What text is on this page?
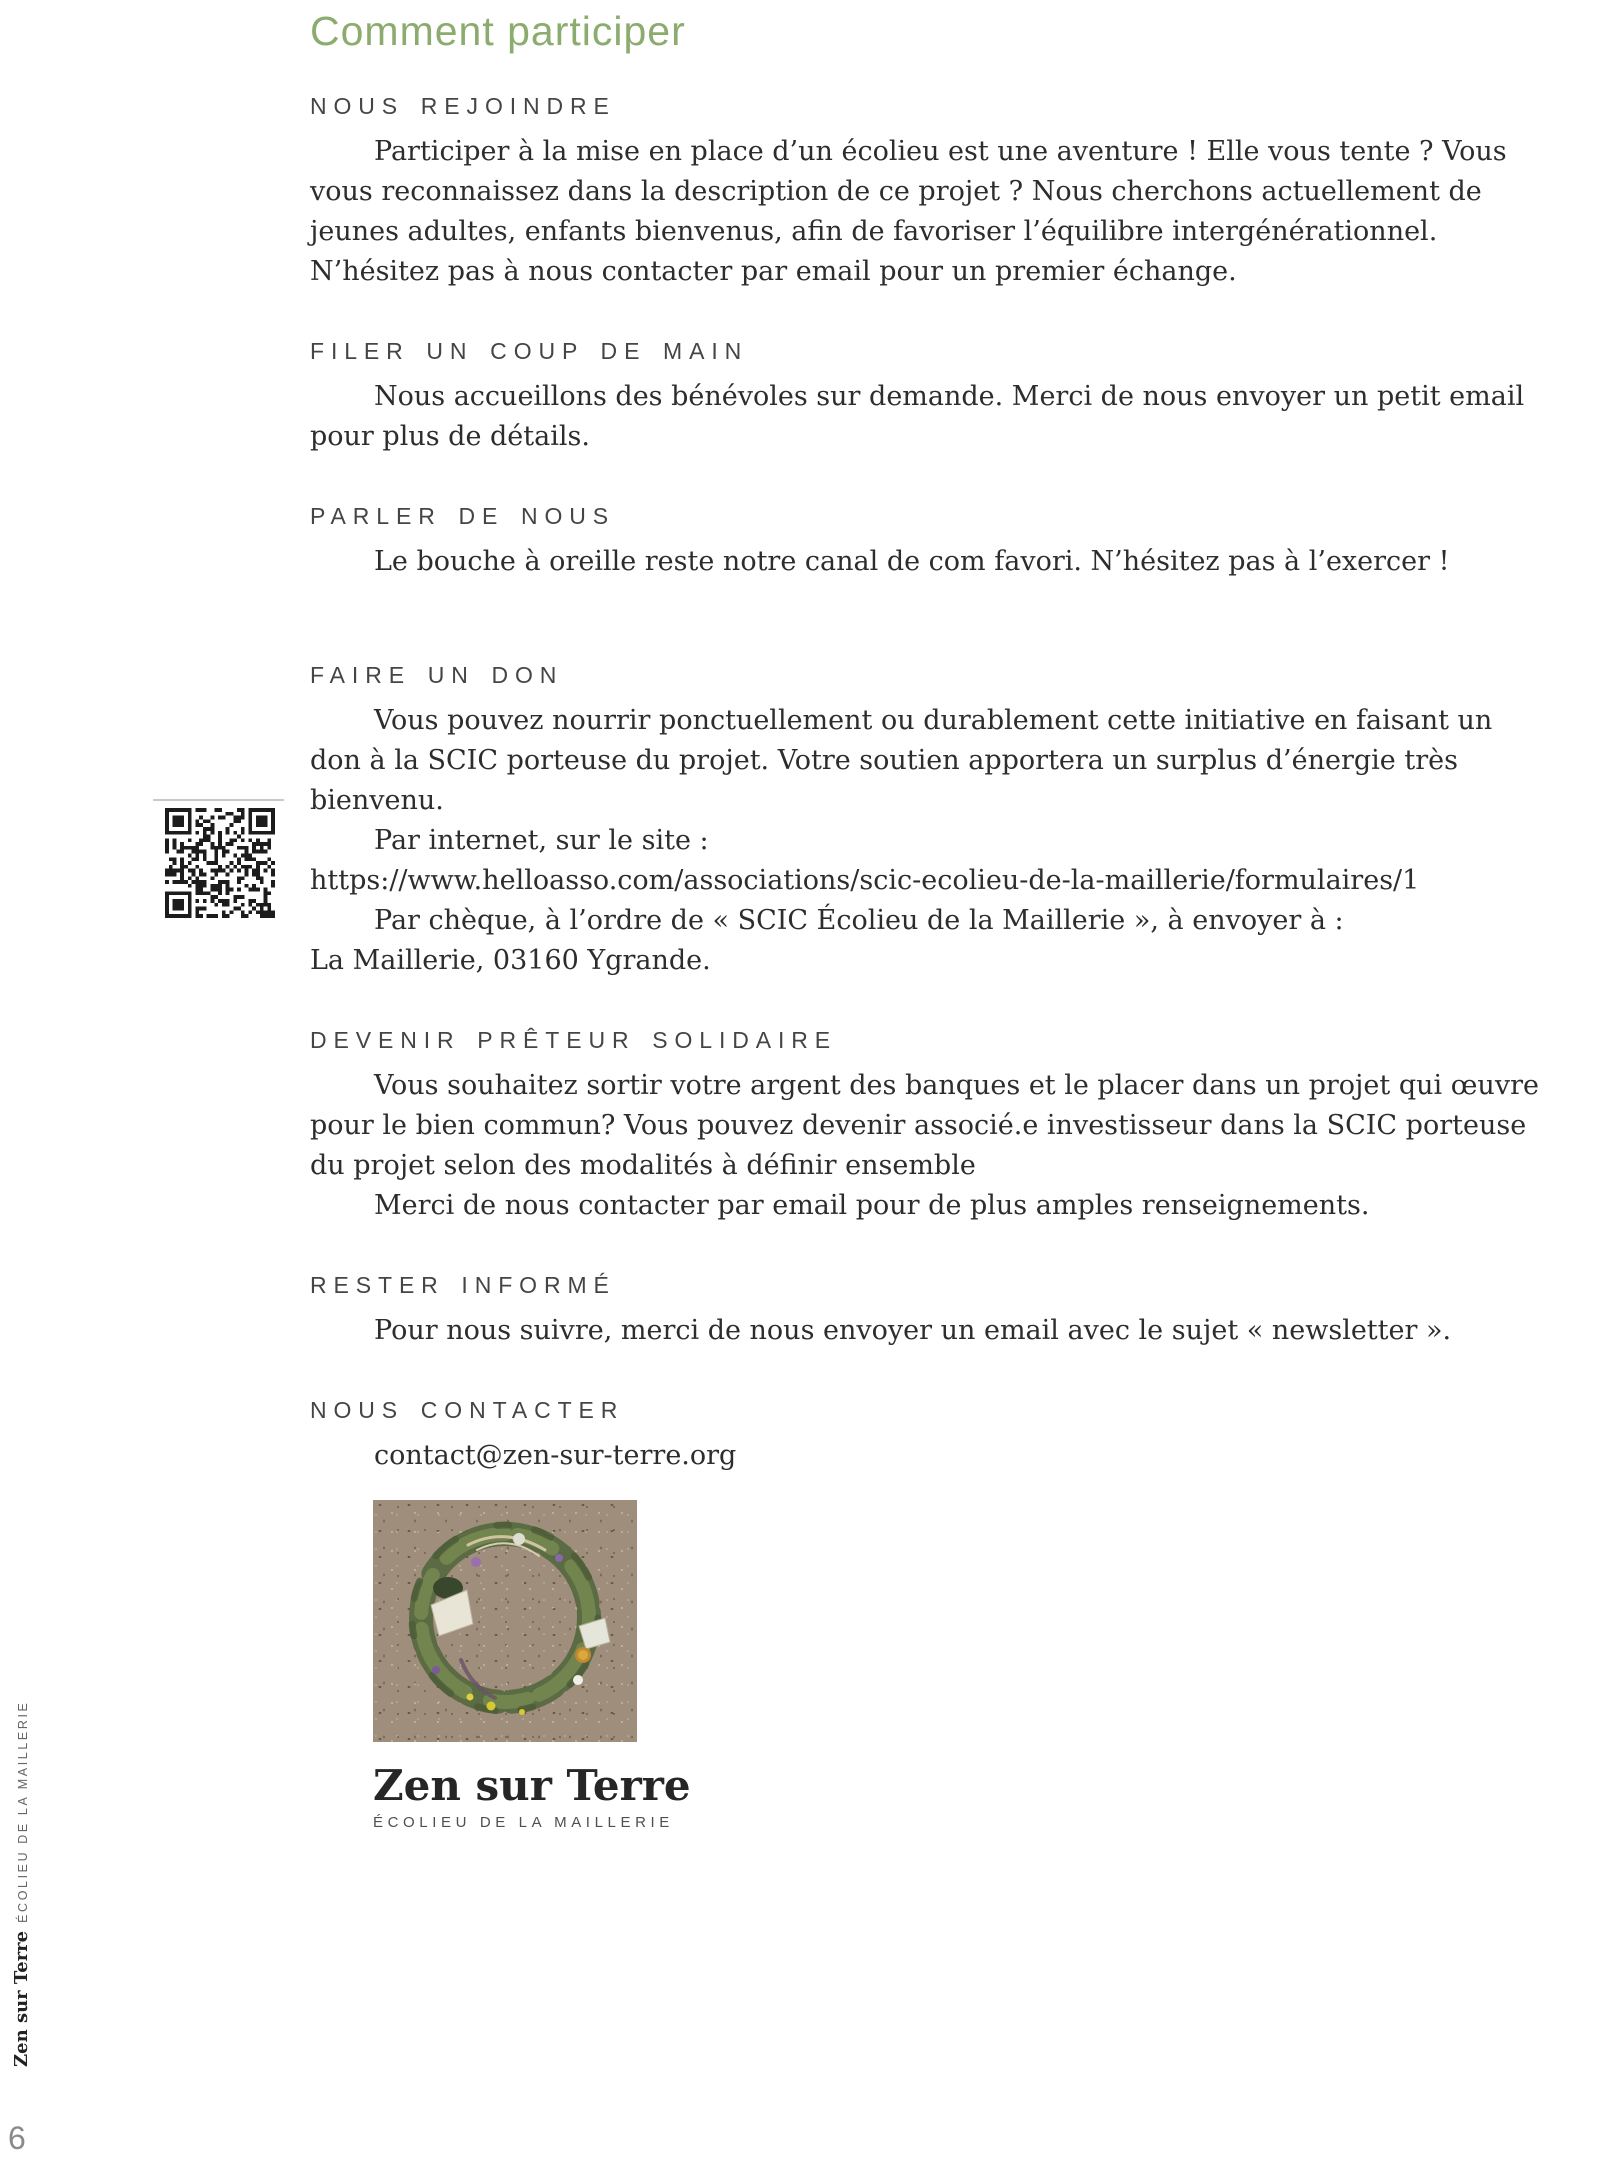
Comment participer
NOUS REJOINDRE

Participer à la mise en place d’un écolieu est une aventure ! Elle vous tente ? Vous vous reconnaissez dans la description de ce projet ? Nous cherchons actuellement de jeunes adultes, enfants bienvenus, afin de favoriser l’équilibre intergénérationnel. N’hésitez pas à nous contacter par email pour un premier échange.

FILER UN COUP DE MAIN

Nous accueillons des bénévoles sur demande. Merci de nous envoyer un petit email pour plus de détails.

PARLER DE NOUS

Le bouche à oreille reste notre canal de com favori. N’hésitez pas à l’exercer !

FAIRE UN DON

Vous pouvez nourrir ponctuellement ou durablement cette initiative en faisant un don à la SCIC porteuse du projet. Votre soutien apportera un surplus d’énergie très bienvenu.

Par internet, sur le site :

https://www.helloasso.com/associations/scic-ecolieu-de-la-maillerie/formulaires/1

Par chèque, à l’ordre de « SCIC Écolieu de la Maillerie », à envoyer à :

La Maillerie, 03160 Ygrande.

DEVENIR PRÊTEUR SOLIDAIRE

Vous souhaitez sortir votre argent des banques et le placer dans un projet qui œuvre pour le bien commun? Vous pouvez devenir associé.e investisseur dans la SCIC porteuse du projet selon des modalités à définir ensemble

Merci de nous contacter par email pour de plus amples renseignements.

RESTER INFORMÉ

Pour nous suivre, merci de nous envoyer un email avec le sujet « newsletter ».

NOUS CONTACTER

contact@zen-sur-terre.org

Zen sur Terre
ÉCOLIEU DE LA MAILLERIE
Zen sur TerreÉCOLIEU DE LA MAILLERIE
6
